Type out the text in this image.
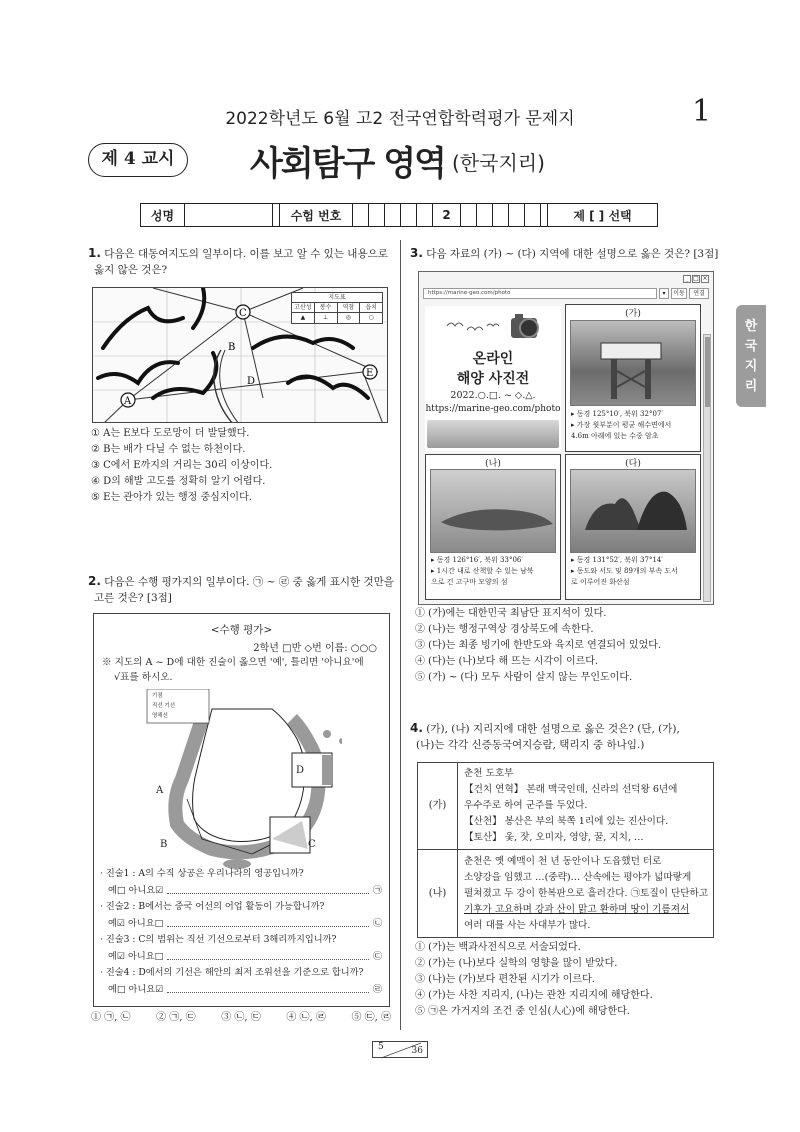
2022학년도 6월 고2 전국연합학력평가 문제지	1
제 4 교시	사회탐구 영역 (한국지리)
성명	수험 번호	2	제 [ ] 선택
한
국
지
리
1. 다음은 대동여지도의 일부이다. 이를 보고 알 수 있는 내용으로
옳지 않은 것은?
A
B
C
D
E
지도표
고산성	봉수	역참	읍치
▲	⊥	◎	○
① A는 E보다 도로망이 더 발달했다.
② B는 배가 다닐 수 없는 하천이다.
③ C에서 E까지의 거리는 30리 이상이다.
④ D의 해발 고도를 정확히 알기 어렵다.
⑤ E는 관아가 있는 행정 중심지이다.
2. 다음은 수행 평가지의 일부이다. ㉠ ~ ㉣ 중 옳게 표시한 것만을
고른 것은? [3점]
<수행 평가>
2학년 □반 ◇번 이름: ○○○
※ 지도의 A ~ D에 대한 진술이 옳으면 '예', 틀리면 '아니요'에
√표를 하시오.
기점
직선 기선
영해선
A
B	C
D
· 진술1 : A의 수직 상공은 우리나라의 영공입니까?
예□ 아니요☑	㉠
· 진술2 : B에서는 중국 어선의 어업 활동이 가능합니까?
예☑ 아니요□	㉡
· 진술3 : C의 범위는 직선 기선으로부터 3해리까지입니까?
예☑ 아니요□	㉢
· 진술4 : D에서의 기선은 해안의 최저 조위선을 기준으로 합니까?
예□ 아니요☑	㉣
① ㉠, ㉡	② ㉠, ㉢	③ ㉡, ㉢	④ ㉡, ㉣	⑤ ㉢, ㉣
3. 다음 자료의 (가) ~ (다) 지역에 대한 설명으로 옳은 것은? [3점]
_ □ ×
https://marine-geo.com/photo	▾	이동	연결
온라인
해양 사진전
2022.○.□. ~ ◇.△.
https://marine-geo.com/photo
(가)
▸ 동경 125°10′, 북위 32°07′
▸ 가장 윗부분이 평균 해수면에서
4.6m 아래에 있는 수중 암초
(나)
▸ 동경 126°16′, 북위 33°06′
▸ 1시간 내로 산책할 수 있는 남북
으로 긴 고구마 모양의 섬
(다)
▸ 동경 131°52′, 북위 37°14′
▸ 동도와 서도 및 89개의 부속 도서
로 이루어진 화산섬
① (가)에는 대한민국 최남단 표지석이 있다.
② (나)는 행정구역상 경상북도에 속한다.
③ (다)는 최종 빙기에 한반도와 육지로 연결되어 있었다.
④ (다)는 (나)보다 해 뜨는 시각이 이르다.
⑤ (가) ~ (다) 모두 사람이 살지 않는 무인도이다.
4. (가), (나) 지리지에 대한 설명으로 옳은 것은? (단, (가),
(나)는 각각 신증동국여지승람, 택리지 중 하나임.)
(가)
춘천 도호부
【건치 연혁】 본래 맥국인데, 신라의 선덕왕 6년에
우수주로 하여 군주를 두었다.
【산천】 봉산은 부의 북쪽 1리에 있는 진산이다.
【토산】 옻, 잣, 오미자, 영양, 꿀, 지치, …
(나)
춘천은 옛 예맥이 천 년 동안이나 도읍했던 터로
소양강을 임했고 …(중략)… 산속에는 평야가 넓따랗게
펼쳐졌고 두 강이 한복판으로 흘러간다. ㉠토질이 단단하고
기후가 고요하며 강과 산이 맑고 환하며 땅이 기름져서
여러 대를 사는 사대부가 많다.
① (가)는 백과사전식으로 서술되었다.
② (가)는 (나)보다 실학의 영향을 많이 받았다.
③ (나)는 (가)보다 편찬된 시기가 이르다.
④ (가)는 사찬 지리지, (나)는 관찬 지리지에 해당한다.
⑤ ㉠은 가거지의 조건 중 인심(人心)에 해당한다.
5	36
